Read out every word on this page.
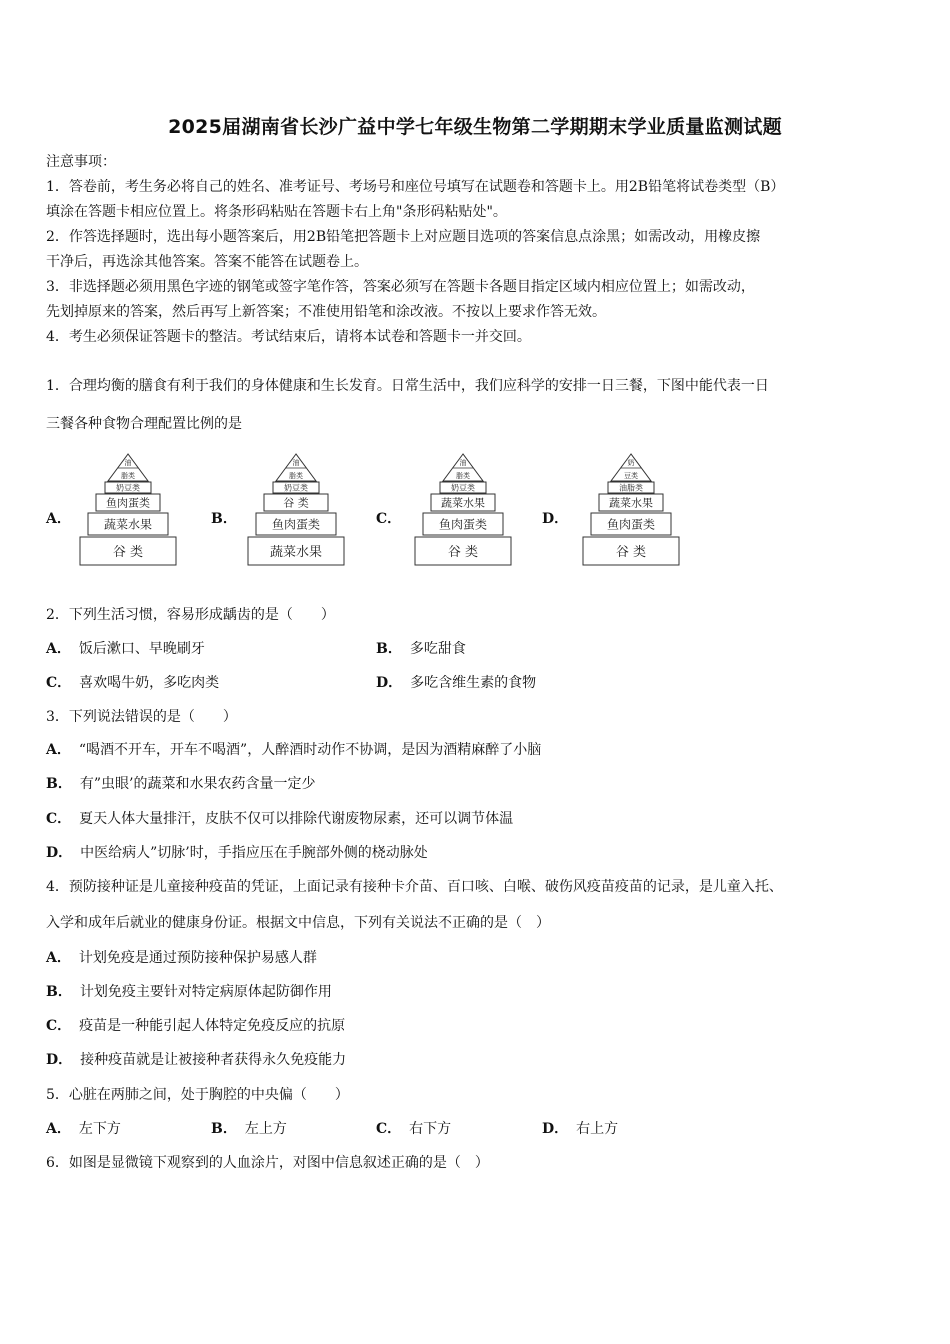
2025届湖南省长沙广益中学七年级生物第二学期期末学业质量监测试题
注意事项：
1．答卷前，考生务必将自己的姓名、准考证号、考场号和座位号填写在试题卷和答题卡上。用2B铅笔将试卷类型（B）
填涂在答题卡相应位置上。将条形码粘贴在答题卡右上角"条形码粘贴处"。
2．作答选择题时，选出每小题答案后，用2B铅笔把答题卡上对应题目选项的答案信息点涂黑；如需改动，用橡皮擦
干净后，再选涂其他答案。答案不能答在试题卷上。
3．非选择题必须用黑色字迹的钢笔或签字笔作答，答案必须写在答题卡各题目指定区域内相应位置上；如需改动，
先划掉原来的答案，然后再写上新答案；不准使用铅笔和涂改液。不按以上要求作答无效。
4．考生必须保证答题卡的整洁。考试结束后，请将本试卷和答题卡一并交回。
1．合理均衡的膳食有利于我们的身体健康和生长发育。日常生活中，我们应科学的安排一日三餐，下图中能代表一日
三餐各种食物合理配置比例的是
A．	B．	C．	D．
油
脂类
奶豆类
鱼肉蛋类
蔬菜水果
谷 类
油
脂类
奶豆类
谷 类
鱼肉蛋类
蔬菜水果
油
脂类
奶豆类
蔬菜水果
鱼肉蛋类
谷 类
奶
豆类
油脂类
蔬菜水果
鱼肉蛋类
谷 类
2．下列生活习惯，容易形成龋齿的是（　　）
A． 饭后漱口、早晚刷牙	B． 多吃甜食
C． 喜欢喝牛奶，多吃肉类	D． 多吃含维生素的食物
3．下列说法错误的是（　　）
A． “喝酒不开车，开车不喝酒”，人醉酒时动作不协调，是因为酒精麻醉了小脑
B． 有”虫眼’的蔬菜和水果农药含量一定少
C． 夏天人体大量排汗，皮肤不仅可以排除代谢废物尿素，还可以调节体温
D． 中医给病人”切脉’时，手指应压在手腕部外侧的桡动脉处
4．预防接种证是儿童接种疫苗的凭证，上面记录有接种卡介苗、百口咳、白喉、破伤风疫苗疫苗的记录，是儿童入托、
入学和成年后就业的健康身份证。根据文中信息，下列有关说法不正确的是（　）
A． 计划免疫是通过预防接种保护易感人群
B． 计划免疫主要针对特定病原体起防御作用
C． 疫苗是一种能引起人体特定免疫反应的抗原
D． 接种疫苗就是让被接种者获得永久免疫能力
5．心脏在两肺之间，处于胸腔的中央偏（　　）
A． 左下方	B． 左上方	C． 右下方	D． 右上方
6．如图是显微镜下观察到的人血涂片，对图中信息叙述正确的是（　）
